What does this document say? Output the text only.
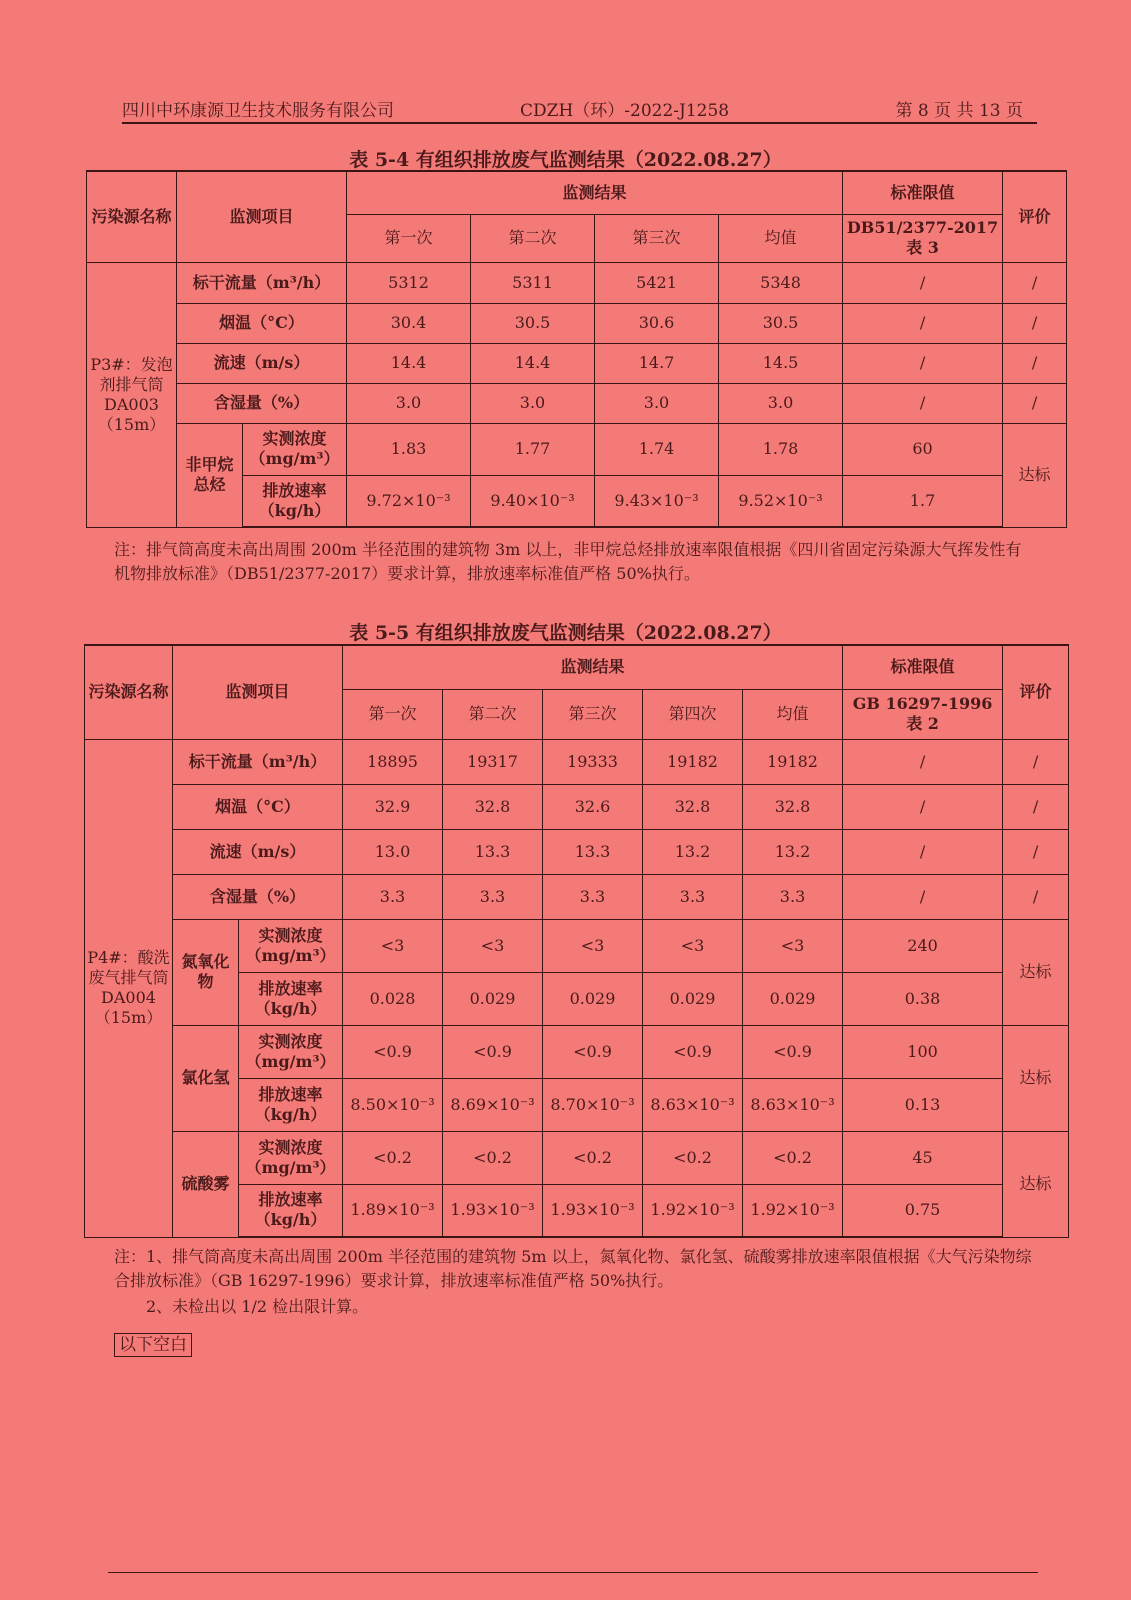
四川中环康源卫生技术服务有限公司	CDZH（环）-2022-J1258	第 8 页 共 13 页
表 5-4 有组织排放废气监测结果（2022.08.27）
污染源名称	监测项目		监测结果				标准限值	评价
			第一次	第二次	第三次	均值	DB51/2377-2017 表 3	
P3#：发泡剂排气筒 DA003（15m）	标干流量（m³/h）		5312	5311	5421	5348	/	/
	烟温（°C）		30.4	30.5	30.6	30.5	/	/
	流速（m/s）		14.4	14.4	14.7	14.5	/	/
	含湿量（%）		3.0	3.0	3.0	3.0	/	/
	非甲烷总烃	实测浓度（mg/m³）	1.83	1.77	1.74	1.78	60	达标
		排放速率（kg/h）	9.72×10⁻³	9.40×10⁻³	9.43×10⁻³	9.52×10⁻³	1.7	
注：排气筒高度未高出周围 200m 半径范围的建筑物 3m 以上，非甲烷总烃排放速率限值根据《四川省固定污染源大气挥发性有机物排放标准》（DB51/2377-2017）要求计算，排放速率标准值严格 50%执行。
表 5-5 有组织排放废气监测结果（2022.08.27）
污染源名称	监测项目		监测结果					标准限值	评价
			第一次	第二次	第三次	第四次	均值	GB 16297-1996 表 2	
P4#：酸洗废气排气筒 DA004（15m）	标干流量（m³/h）		18895	19317	19333	19182	19182	/	/
	烟温（°C）		32.9	32.8	32.6	32.8	32.8	/	/
	流速（m/s）		13.0	13.3	13.3	13.2	13.2	/	/
	含湿量（%）		3.3	3.3	3.3	3.3	3.3	/	/
	氮氧化物	实测浓度（mg/m³）	<3	<3	<3	<3	<3	240	达标
		排放速率（kg/h）	0.028	0.029	0.029	0.029	0.029	0.38	
	氯化氢	实测浓度（mg/m³）	<0.9	<0.9	<0.9	<0.9	<0.9	100	达标
		排放速率（kg/h）	8.50×10⁻³	8.69×10⁻³	8.70×10⁻³	8.63×10⁻³	8.63×10⁻³	0.13	
	硫酸雾	实测浓度（mg/m³）	<0.2	<0.2	<0.2	<0.2	<0.2	45	达标
		排放速率（kg/h）	1.89×10⁻³	1.93×10⁻³	1.93×10⁻³	1.92×10⁻³	1.92×10⁻³	0.75	
注：1、排气筒高度未高出周围 200m 半径范围的建筑物 5m 以上，氮氧化物、氯化氢、硫酸雾排放速率限值根据《大气污染物综合排放标准》（GB 16297-1996）要求计算，排放速率标准值严格 50%执行。
2、未检出以 1/2 检出限计算。
以下空白
